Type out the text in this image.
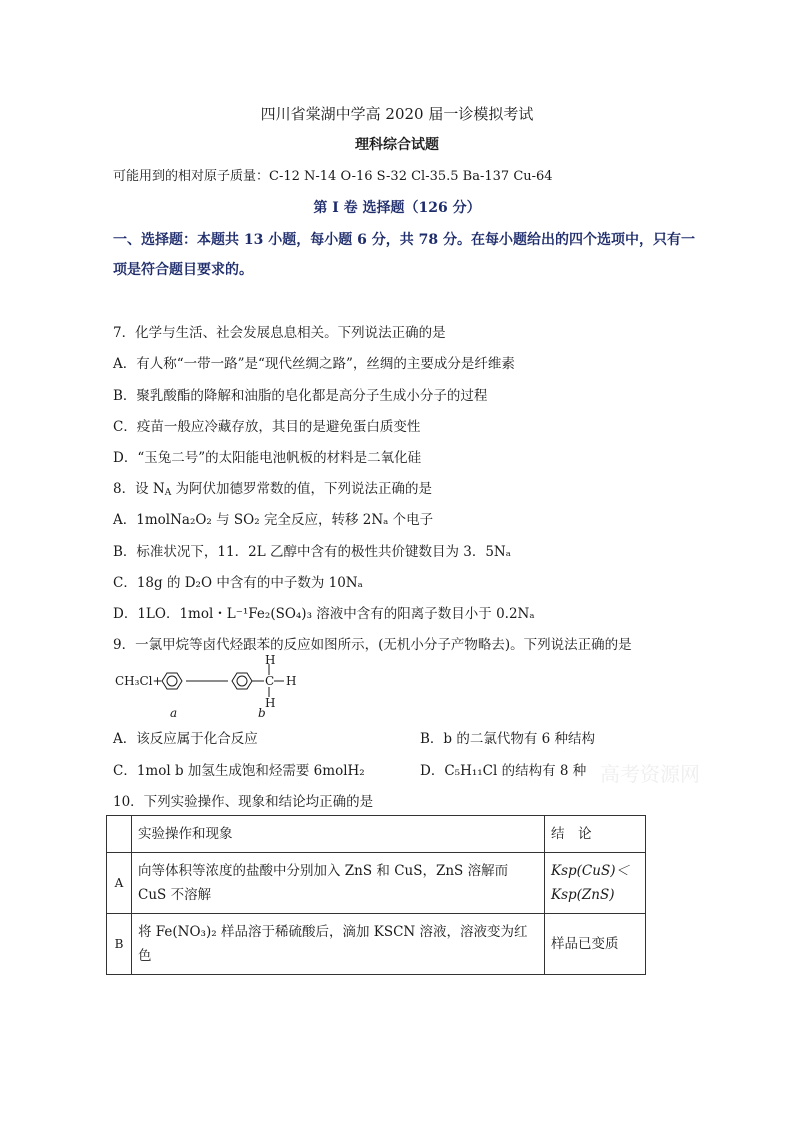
四川省棠湖中学高 2020 届一诊模拟考试
理科综合试题
可能用到的相对原子质量：C-12 N-14 O-16 S-32 Cl-35.5 Ba-137 Cu-64
第 I 卷 选择题（126 分）
一、选择题：本题共 13 小题，每小题 6 分，共 78 分。在每小题给出的四个选项中，只有一
项是符合题目要求的。
7．化学与生活、社会发展息息相关。下列说法正确的是
A．有人称“一带一路”是“现代丝绸之路”，丝绸的主要成分是纤维素
B．聚乳酸酯的降解和油脂的皂化都是高分子生成小分子的过程
C．疫苗一般应冷藏存放，其目的是避免蛋白质变性
D．“玉兔二号”的太阳能电池帆板的材料是二氧化硅
8．设 $N_A$ 为阿伏加德罗常数的值，下列说法正确的是
A．1molNa₂O₂ 与 SO₂ 完全反应，转移 2Nₐ 个电子
B．标准状况下，11．2L 乙醇中含有的极性共价键数目为 3．5Nₐ
C．18g 的 D₂O 中含有的中子数为 10Nₐ
D．1LO．1mol・L⁻¹Fe₂(SO₄)₃ 溶液中含有的阳离子数目小于 0.2Nₐ
9．一氯甲烷等卤代烃跟苯的反应如图所示，(无机小分子产物略去)。下列说法正确的是
CH₃Cl+	C
H
H
H
a	b
A．该反应属于化合反应	B．b 的二氯代物有 6 种结构
C．1mol b 加氢生成饱和烃需要 6molH₂	D．C₅H₁₁Cl 的结构有 8 种 高考资源网
10．下列实验操作、现象和结论均正确的是
	实验操作和现象	结　论
A	向等体积等浓度的盐酸中分别加入 ZnS 和 CuS，ZnS 溶解而 CuS 不溶解	Ksp(CuS)＜
Ksp(ZnS)

B	将 Fe(NO₃)₂ 样品溶于稀硫酸后，滴加 KSCN 溶液，溶液变为红色	样品已变质
